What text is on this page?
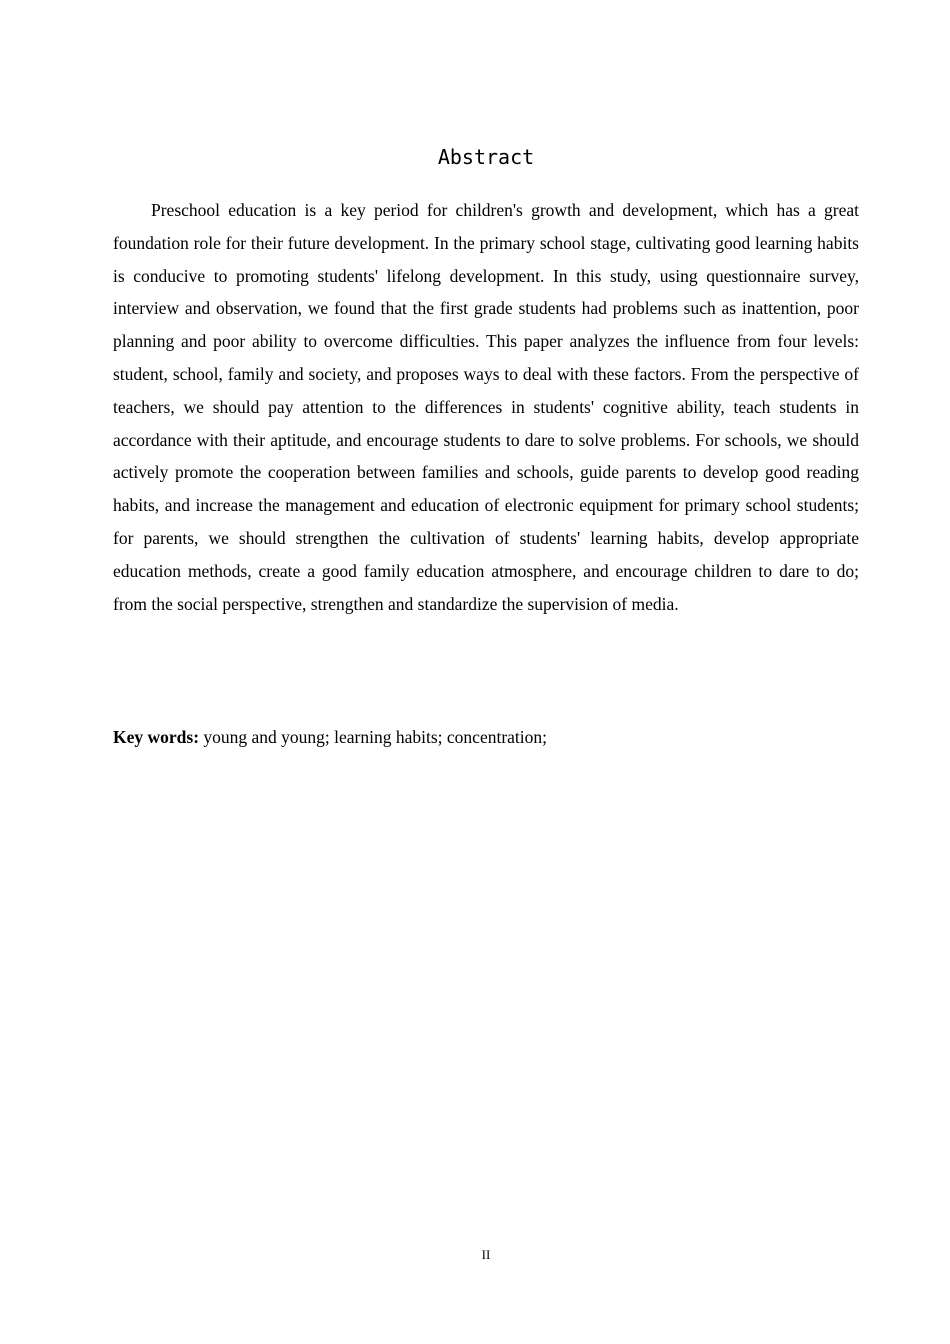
Abstract

Preschool education is a key period for children's growth and development, which has a great foundation role for their future development. In the primary school stage, cultivating good learning habits is conducive to promoting students' lifelong development. In this study, using questionnaire survey, interview and observation, we found that the first grade students had problems such as inattention, poor planning and poor ability to overcome difficulties. This paper analyzes the influence from four levels: student, school, family and society, and proposes ways to deal with these factors. From the perspective of teachers, we should pay attention to the differences in students' cognitive ability, teach students in accordance with their aptitude, and encourage students to dare to solve problems. For schools, we should actively promote the cooperation between families and schools, guide parents to develop good reading habits, and increase the management and education of electronic equipment for primary school students; for parents, we should strengthen the cultivation of students' learning habits, develop appropriate education methods, create a good family education atmosphere, and encourage children to dare to do; from the social perspective, strengthen and standardize the supervision of media.

Key words: young and young; learning habits; concentration;

II
